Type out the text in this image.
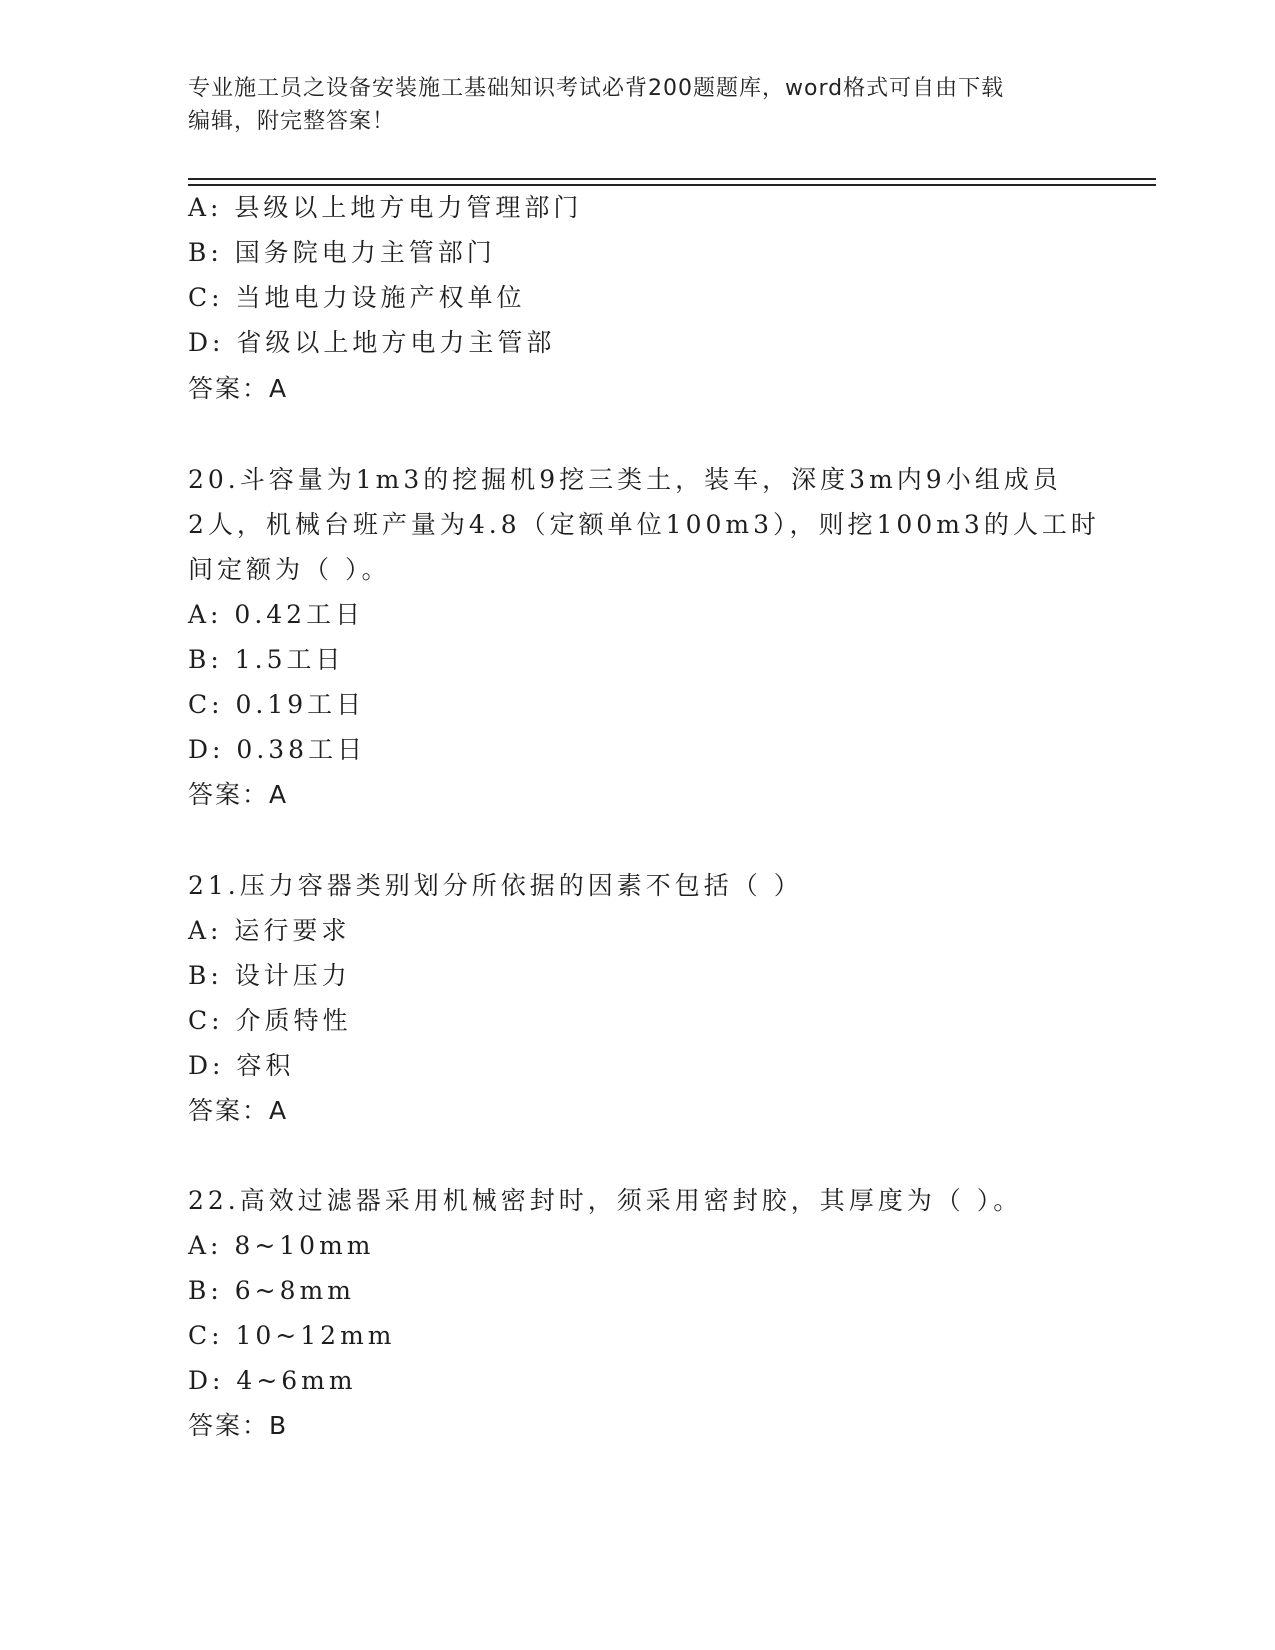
专业施工员之设备安装施工基础知识考试必背200题题库，word格式可自由下载
编辑，附完整答案！
A: 县级以上地方电力管理部门
B: 国务院电力主管部门
C: 当地电力设施产权单位
D: 省级以上地方电力主管部
答案：A
20.斗容量为1m3的挖掘机9挖三类土，装车，深度3m内9小组成员
2人，机械台班产量为4.8（定额单位100m3），则挖100m3的人工时
间定额为（ ）。
A: 0.42工日
B: 1.5工日
C: 0.19工日
D: 0.38工日
答案：A
21.压力容器类别划分所依据的因素不包括（ ）
A: 运行要求
B: 设计压力
C: 介质特性
D: 容积
答案：A
22.高效过滤器采用机械密封时，须采用密封胶，其厚度为（ ）。
A: 8~10mm
B: 6~8mm
C: 10~12mm
D: 4~6mm
答案：B
